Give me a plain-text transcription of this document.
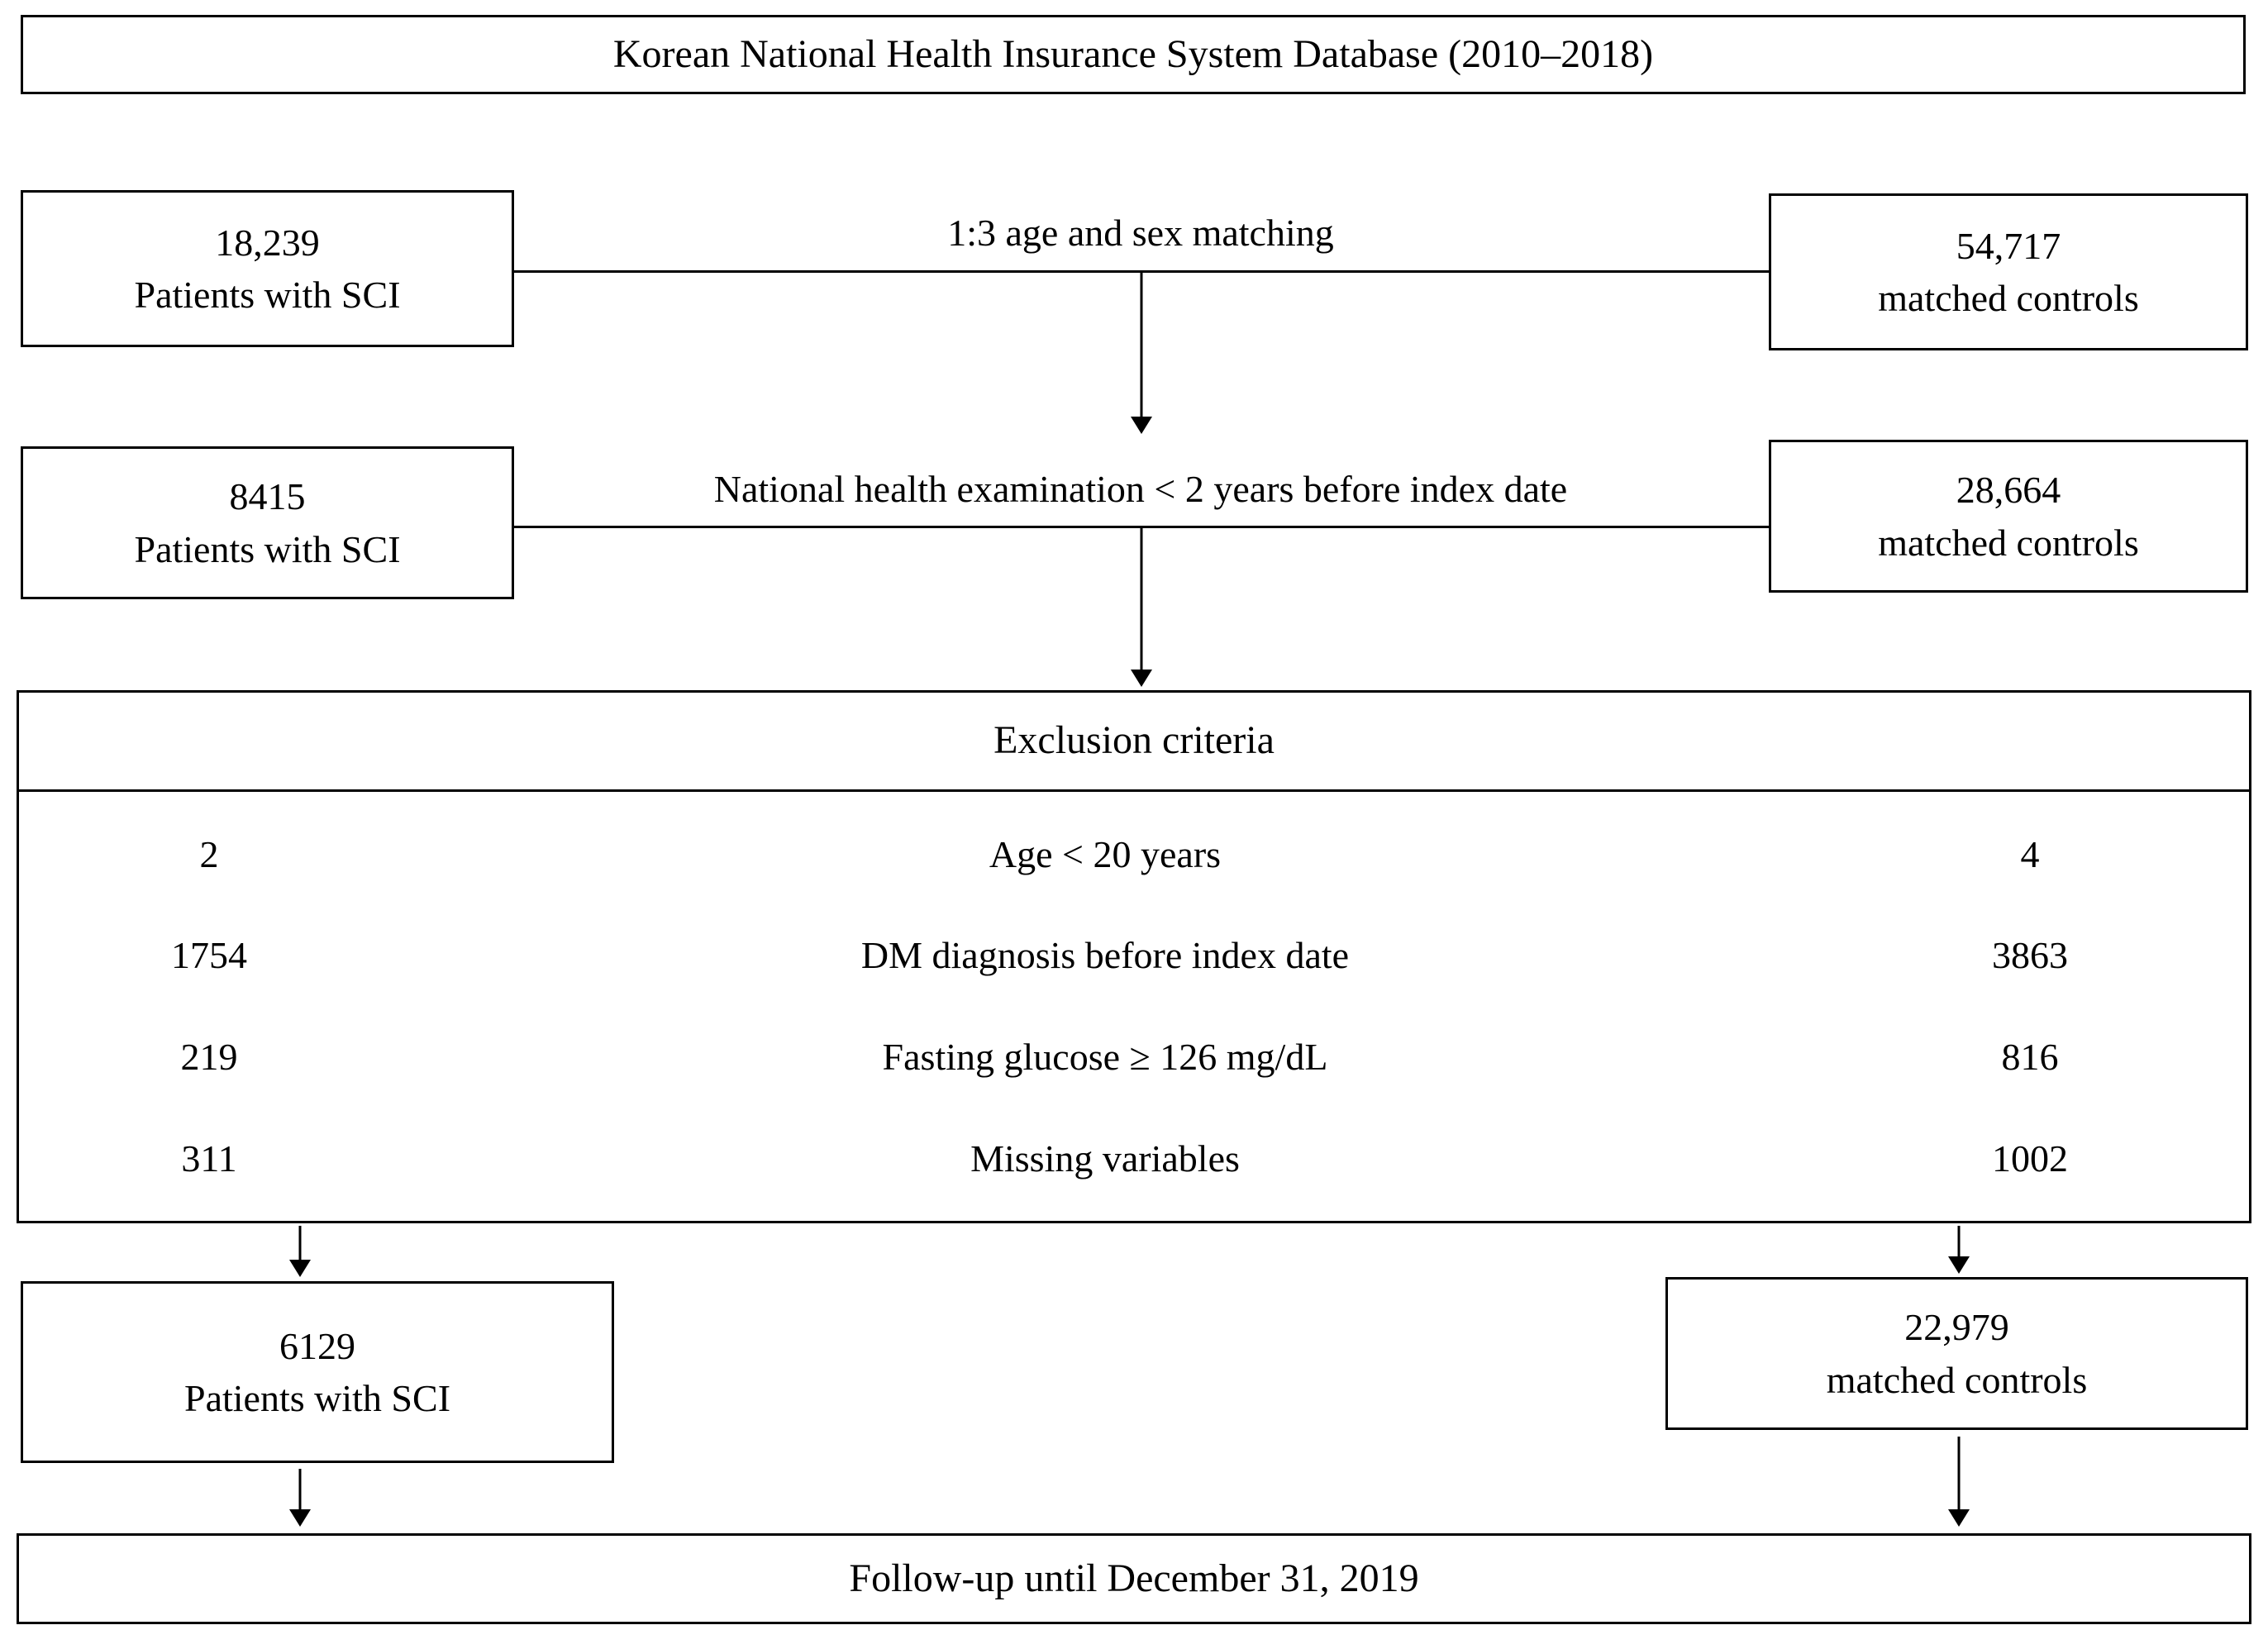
Korean National Health Insurance System Database (2010–2018)
18,239
Patients with SCI
1:3 age and sex matching	54,717
matched controls
8415
Patients with SCI
National health examination < 2 years before index date	28,664
matched controls
Exclusion criteria
2	Age < 20 years	4
1754	DM diagnosis before index date	3863
219	Fasting glucose ≥ 126 mg/dL	816
311	Missing variables	1002
6129
Patients with SCI
22,979
matched controls
Follow-up until December 31, 2019
